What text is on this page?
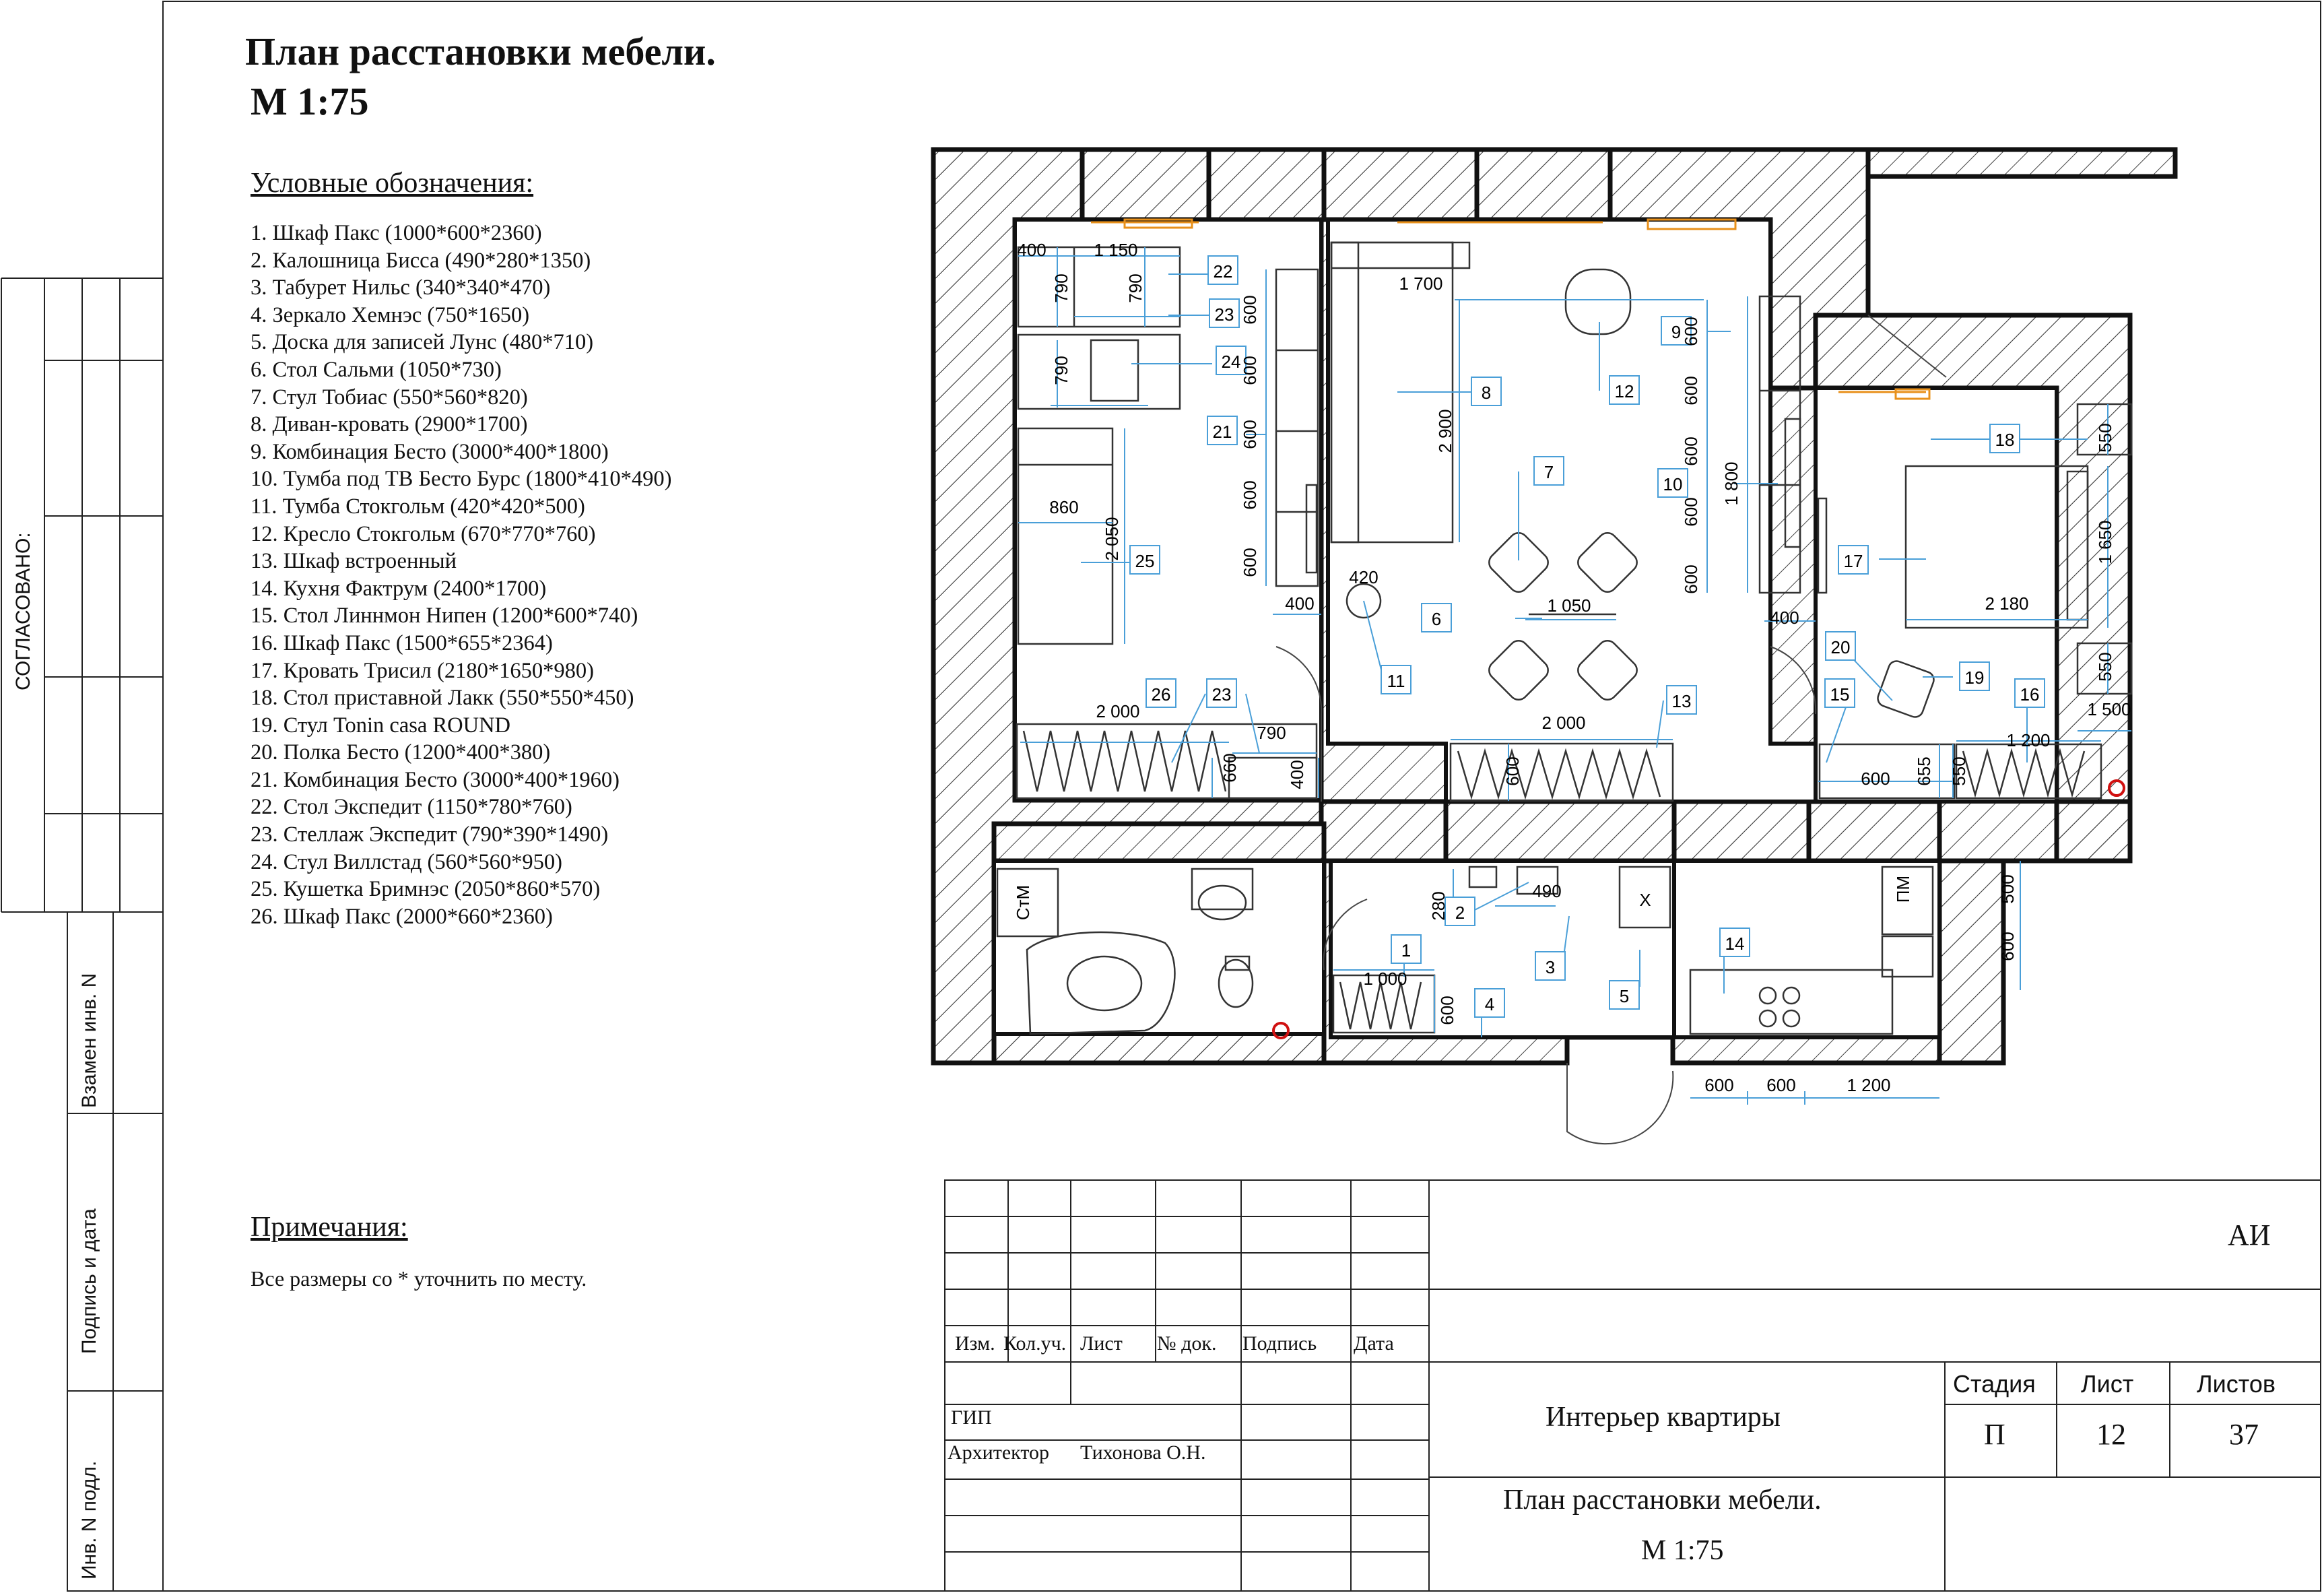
1
2
3
4	5
6
7
8
9
10
11
12
13
14
15	16
17
18
19
20
21
22
23
23
24
25
26
400	1 150
790	790
790
600
600
600
600
600
1 700
2 900
600
600
600
600
600
1 800
860
2 050
400
420
1 050
400
2 000
790
660	400
2 000
600
1 650
2 180
550
550
1 500
1 200
600 655 550
280
490
1 000
600
500
600
600 600	1 200
СтМ	ПМ
Х
План расстановки мебели.
М 1:75
Условные обозначения:
1. Шкаф Пакс (1000*600*2360)
2. Калошница Бисса (490*280*1350)
3. Табурет Нильс (340*340*470)
4. Зеркало Хемнэс (750*1650)
5. Доска для записей Лунс (480*710)
6. Стол Сальми (1050*730)
7. Стул Тобиас (550*560*820)
8. Диван-кровать (2900*1700)
9. Комбинация Бесто (3000*400*1800)
10. Тумба под ТВ Бесто Бурс (1800*410*490)
11. Тумба Стокгольм (420*420*500)
12. Кресло Стокгольм (670*770*760)
13. Шкаф встроенный
14. Кухня Фактрум (2400*1700)
15. Стол Линнмон Нипен (1200*600*740)
16. Шкаф Пакс (1500*655*2364)
17. Кровать Трисил (2180*1650*980)
18. Стол приставной Лакк (550*550*450)
19. Стул Tonin casa ROUND
20. Полка Бесто (1200*400*380)
21. Комбинация Бесто (3000*400*1960)
22. Стол Экспедит (1150*780*760)
23. Стеллаж Экспедит (790*390*1490)
24. Стул Виллстад (560*560*950)
25. Кушетка Бримнэс (2050*860*570)
26. Шкаф Пакс (2000*660*2360)
Примечания:
Все размеры со * уточнить по месту.
СОГЛАСОВАНО:
Взамен инв. N
Подпись и дата
Инв. N подл.
АИ
Изм. Кол.уч. Лист № док. Подпись Дата
ГИП
Архитектор Тихонова О.Н.
Интерьер квартиры
План расстановки мебели.
М 1:75
Стадия Лист	Листов
П	12	37
